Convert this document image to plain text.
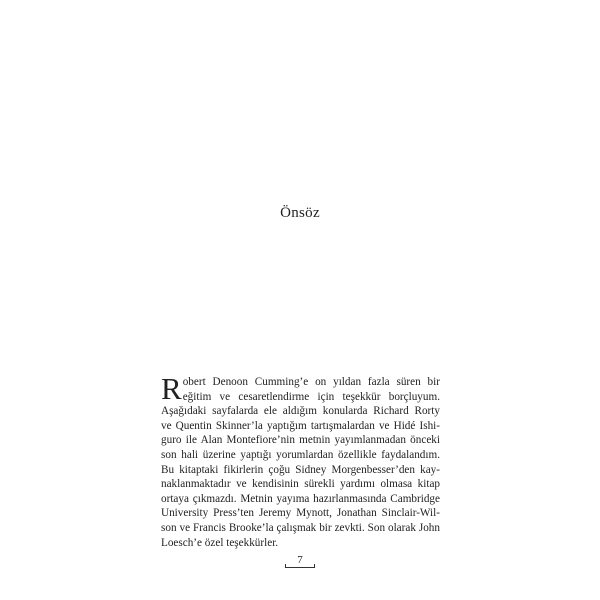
Önsöz
R obert Denoon Cumming’e on yıldan fazla süren bir
eğitim ve cesaretlendirme için teşekkür borçluyum.
Aşağıdaki sayfalarda ele aldığım konularda Richard Rorty
ve Quentin Skinner’la yaptığım tartışmalardan ve Hidé Ishi-
guro ile Alan Montefiore’nin metnin yayımlanmadan önceki
son hali üzerine yaptığı yorumlardan özellikle faydalandım.
Bu kitaptaki fikirlerin çoğu Sidney Morgenbesser’den kay-
naklanmaktadır ve kendisinin sürekli yardımı olmasa kitap
ortaya çıkmazdı. Metnin yayıma hazırlanmasında Cambridge
University Press’ten Jeremy Mynott, Jonathan Sinclair-Wil-
son ve Francis Brooke’la çalışmak bir zevkti. Son olarak John
Loesch’e özel teşekkürler.
7
